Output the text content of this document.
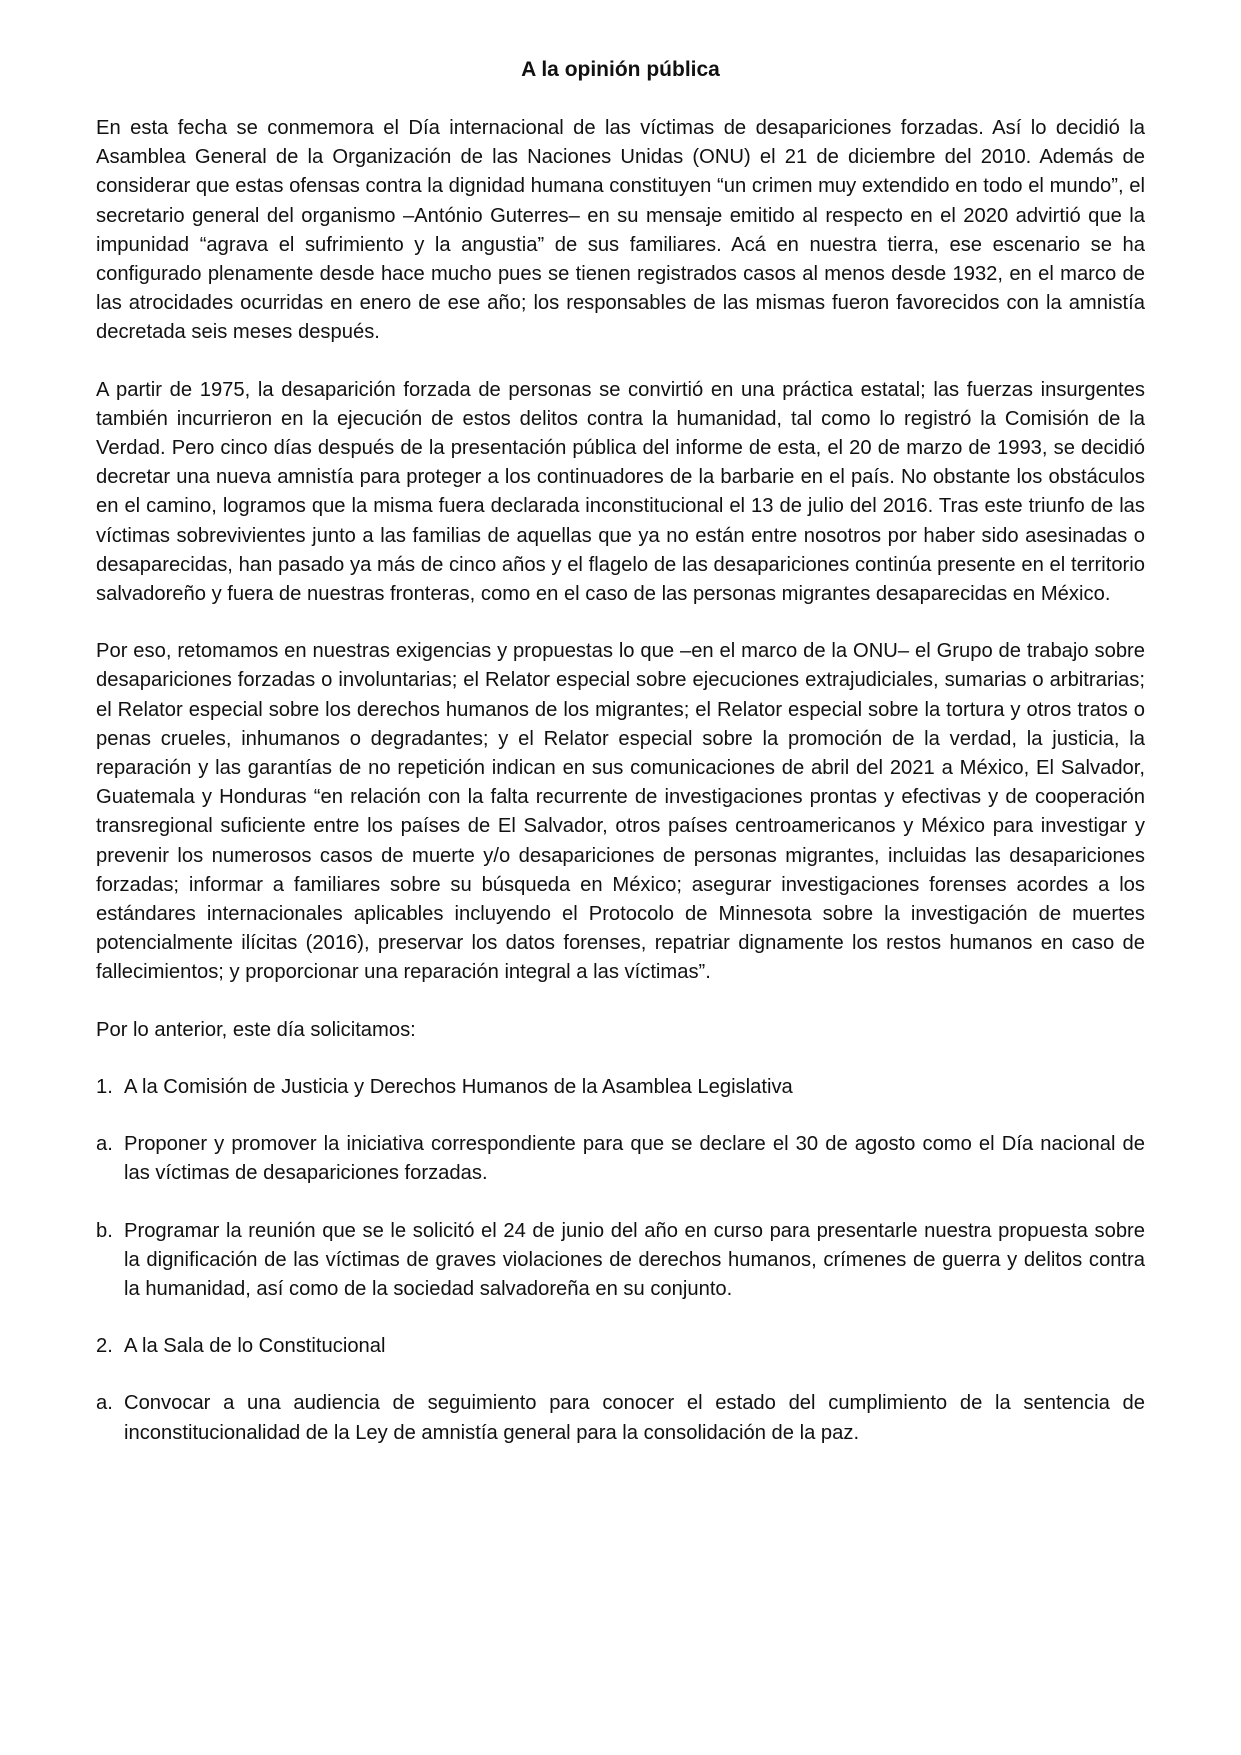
A la opinión pública

En esta fecha se conmemora el Día internacional de las víctimas de desapariciones forzadas. Así lo decidió la Asamblea General de la Organización de las Naciones Unidas (ONU) el 21 de diciembre del 2010. Además de considerar que estas ofensas contra la dignidad humana constituyen “un crimen muy extendido en todo el mundo”, el secretario general del organismo –António Guterres– en su mensaje emitido al respecto en el 2020 advirtió que la impunidad “agrava el sufrimiento y la angustia” de sus familiares. Acá en nuestra tierra, ese escenario se ha configurado plenamente desde hace mucho pues se tienen registrados casos al menos desde 1932, en el marco de las atrocidades ocurridas en enero de ese año; los responsables de las mismas fueron favorecidos con la amnistía decretada seis meses después.

A partir de 1975, la desaparición forzada de personas se convirtió en una práctica estatal; las fuerzas insurgentes también incurrieron en la ejecución de estos delitos contra la humanidad, tal como lo registró la Comisión de la Verdad. Pero cinco días después de la presentación pública del informe de esta, el 20 de marzo de 1993, se decidió decretar una nueva amnistía para proteger a los continuadores de la barbarie en el país. No obstante los obstáculos en el camino, logramos que la misma fuera declarada inconstitucional el 13 de julio del 2016. Tras este triunfo de las víctimas sobrevivientes junto a las familias de aquellas que ya no están entre nosotros por haber sido asesinadas o desaparecidas, han pasado ya más de cinco años y el flagelo de las desapariciones continúa presente en el territorio salvadoreño y fuera de nuestras fronteras, como en el caso de las personas migrantes desaparecidas en México.

Por eso, retomamos en nuestras exigencias y propuestas lo que –en el marco de la ONU– el Grupo de trabajo sobre desapariciones forzadas o involuntarias; el Relator especial sobre ejecuciones extrajudiciales, sumarias o arbitrarias; el Relator especial sobre los derechos humanos de los migrantes; el Relator especial sobre la tortura y otros tratos o penas crueles, inhumanos o degradantes; y el Relator especial sobre la promoción de la verdad, la justicia, la reparación y las garantías de no repetición indican en sus comunicaciones de abril del 2021 a México, El Salvador, Guatemala y Honduras “en relación con la falta recurrente de investigaciones prontas y efectivas y de cooperación transregional suficiente entre los países de El Salvador, otros países centroamericanos y México para investigar y prevenir los numerosos casos de muerte y/o desapariciones de personas migrantes, incluidas las desapariciones forzadas; informar a familiares sobre su búsqueda en México; asegurar investigaciones forenses acordes a los estándares internacionales aplicables incluyendo el Protocolo de Minnesota sobre la investigación de muertes potencialmente ilícitas (2016), preservar los datos forenses, repatriar dignamente los restos humanos en caso de fallecimientos; y proporcionar una reparación integral a las víctimas”.

Por lo anterior, este día solicitamos:

1. A la Comisión de Justicia y Derechos Humanos de la Asamblea Legislativa
a. Proponer y promover la iniciativa correspondiente para que se declare el 30 de agosto como el Día nacional de las víctimas de desapariciones forzadas.
b. Programar la reunión que se le solicitó el 24 de junio del año en curso para presentarle nuestra propuesta sobre la dignificación de las víctimas de graves violaciones de derechos humanos, crímenes de guerra y delitos contra la humanidad, así como de la sociedad salvadoreña en su conjunto.
2. A la Sala de lo Constitucional
a. Convocar a una audiencia de seguimiento para conocer el estado del cumplimiento de la sentencia de inconstitucionalidad de la Ley de amnistía general para la consolidación de la paz.
